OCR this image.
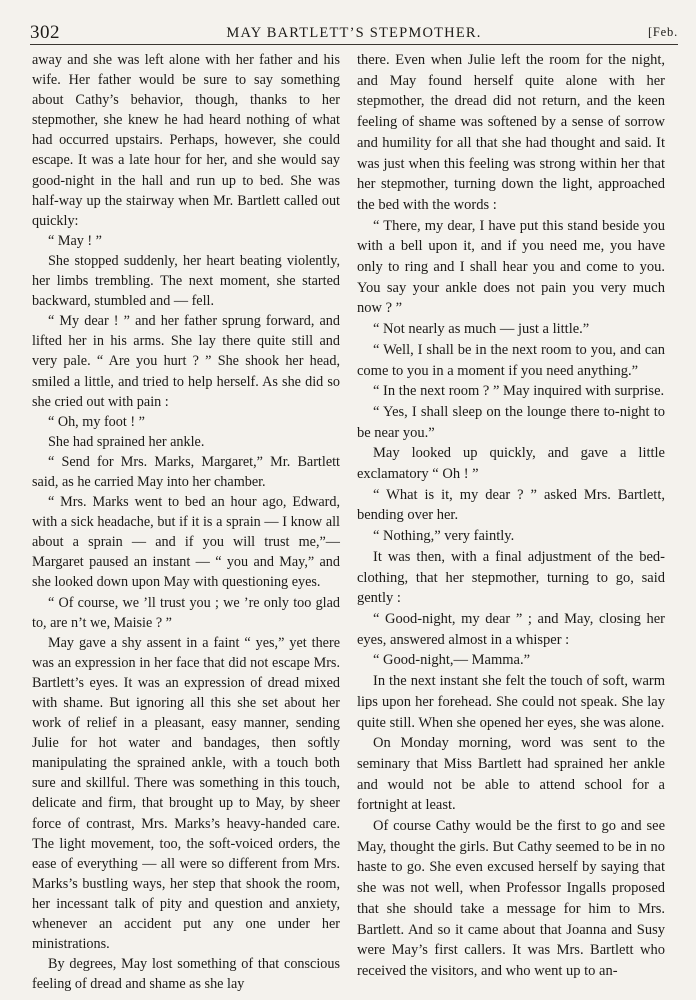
302	MAY BARTLETT’S STEPMOTHER.	[Feb.

away and she was left alone with her father and his wife. Her father would be sure to say something about Cathy’s behavior, though, thanks to her stepmother, she knew he had heard nothing of what had occurred upstairs. Perhaps, however, she could escape. It was a late hour for her, and she would say good-night in the hall and run up to bed. She was half-way up the stairway when Mr. Bartlett called out quickly:

“ May ! ”

She stopped suddenly, her heart beating violently, her limbs trembling. The next moment, she started backward, stumbled and — fell.

“ My dear ! ” and her father sprung forward, and lifted her in his arms. She lay there quite still and very pale. “ Are you hurt ? ” She shook her head, smiled a little, and tried to help herself. As she did so she cried out with pain :

“ Oh, my foot ! ”

She had sprained her ankle.

“ Send for Mrs. Marks, Margaret,” Mr. Bartlett said, as he carried May into her chamber.

“ Mrs. Marks went to bed an hour ago, Edward, with a sick headache, but if it is a sprain — I know all about a sprain — and if you will trust me,”— Margaret paused an instant — “ you and May,” and she looked down upon May with questioning eyes.

“ Of course, we ’ll trust you ; we ’re only too glad to, are n’t we, Maisie ? ”

May gave a shy assent in a faint “ yes,” yet there was an expression in her face that did not escape Mrs. Bartlett’s eyes. It was an expression of dread mixed with shame. But ignoring all this she set about her work of relief in a pleasant, easy manner, sending Julie for hot water and bandages, then softly manipulating the sprained ankle, with a touch both sure and skillful. There was something in this touch, delicate and firm, that brought up to May, by sheer force of contrast, Mrs. Marks’s heavy-handed care. The light movement, too, the soft-voiced orders, the ease of everything — all were so different from Mrs. Marks’s bustling ways, her step that shook the room, her incessant talk of pity and question and anxiety, whenever an accident put any one under her ministrations.

By degrees, May lost something of that conscious feeling of dread and shame as she lay

there. Even when Julie left the room for the night, and May found herself quite alone with her stepmother, the dread did not return, and the keen feeling of shame was softened by a sense of sorrow and humility for all that she had thought and said. It was just when this feeling was strong within her that her stepmother, turning down the light, approached the bed with the words :

“ There, my dear, I have put this stand beside you with a bell upon it, and if you need me, you have only to ring and I shall hear you and come to you. You say your ankle does not pain you very much now ? ”

“ Not nearly as much — just a little.”

“ Well, I shall be in the next room to you, and can come to you in a moment if you need anything.”

“ In the next room ? ” May inquired with surprise.

“ Yes, I shall sleep on the lounge there to-night to be near you.”

May looked up quickly, and gave a little exclamatory “ Oh ! ”

“ What is it, my dear ? ” asked Mrs. Bartlett, bending over her.

“ Nothing,” very faintly.

It was then, with a final adjustment of the bed-clothing, that her stepmother, turning to go, said gently :

“ Good-night, my dear ” ; and May, closing her eyes, answered almost in a whisper :

“ Good-night,— Mamma.”

In the next instant she felt the touch of soft, warm lips upon her forehead. She could not speak. She lay quite still. When she opened her eyes, she was alone.

On Monday morning, word was sent to the seminary that Miss Bartlett had sprained her ankle and would not be able to attend school for a fortnight at least.

Of course Cathy would be the first to go and see May, thought the girls. But Cathy seemed to be in no haste to go. She even excused herself by saying that she was not well, when Professor Ingalls proposed that she should take a message for him to Mrs. Bartlett. And so it came about that Joanna and Susy were May’s first callers. It was Mrs. Bartlett who received the visitors, and who went up to an-
